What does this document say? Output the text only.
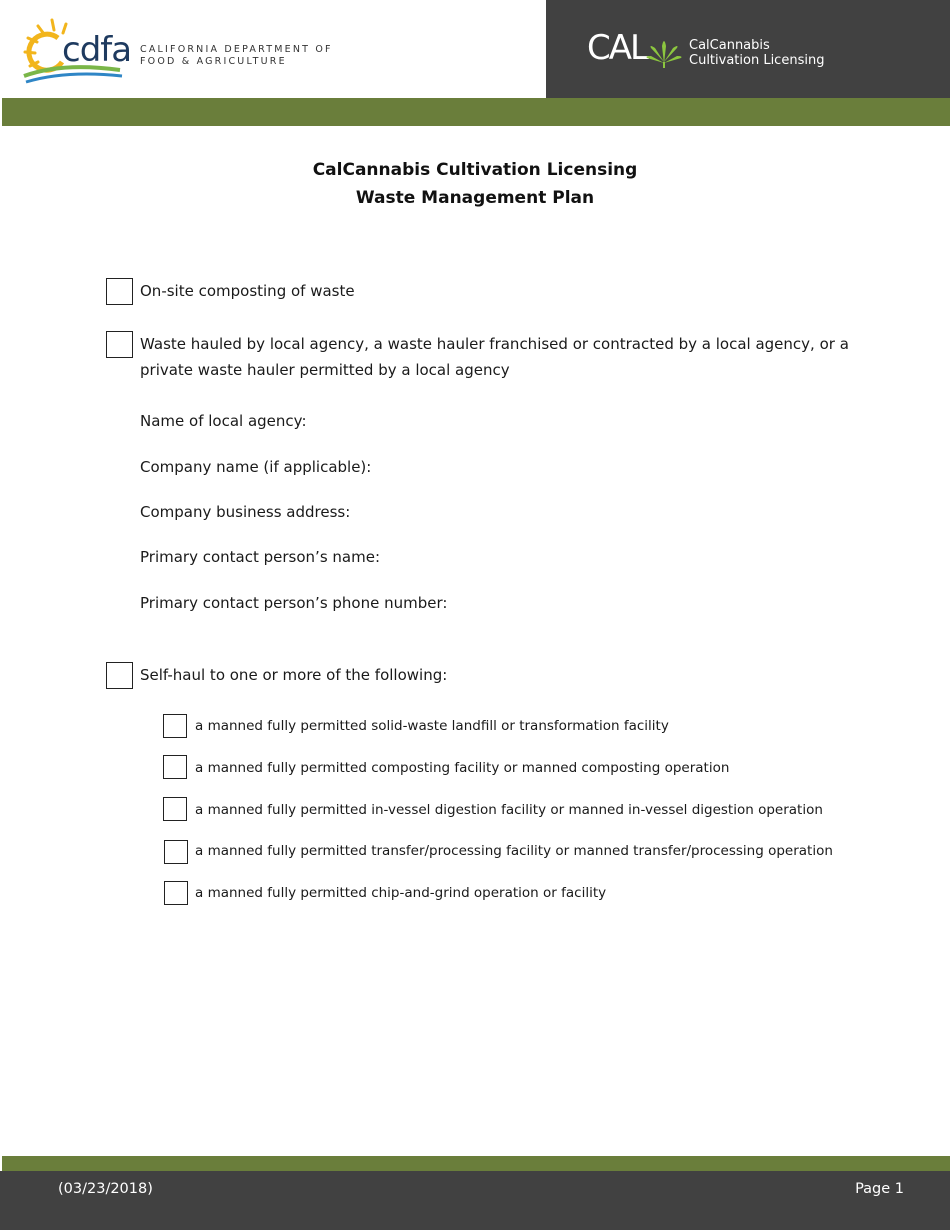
cdfa CALIFORNIA DEPARTMENT OF
FOOD & AGRICULTURE	CAL	CalCannabis
Cultivation Licensing
CalCannabis Cultivation Licensing
Waste Management Plan
On-site composting of waste
Waste hauled by local agency, a waste hauler franchised or contracted by a local agency, or a
private waste hauler permitted by a local agency
Name of local agency:
Company name (if applicable):
Company business address:
Primary contact person’s name:
Primary contact person’s phone number:
Self-haul to one or more of the following:
a manned fully permitted solid-waste landfill or transformation facility
a manned fully permitted composting facility or manned composting operation
a manned fully permitted in-vessel digestion facility or manned in-vessel digestion operation
a manned fully permitted transfer/processing facility or manned transfer/processing operation
a manned fully permitted chip-and-grind operation or facility
(03/23/2018)	Page 1
